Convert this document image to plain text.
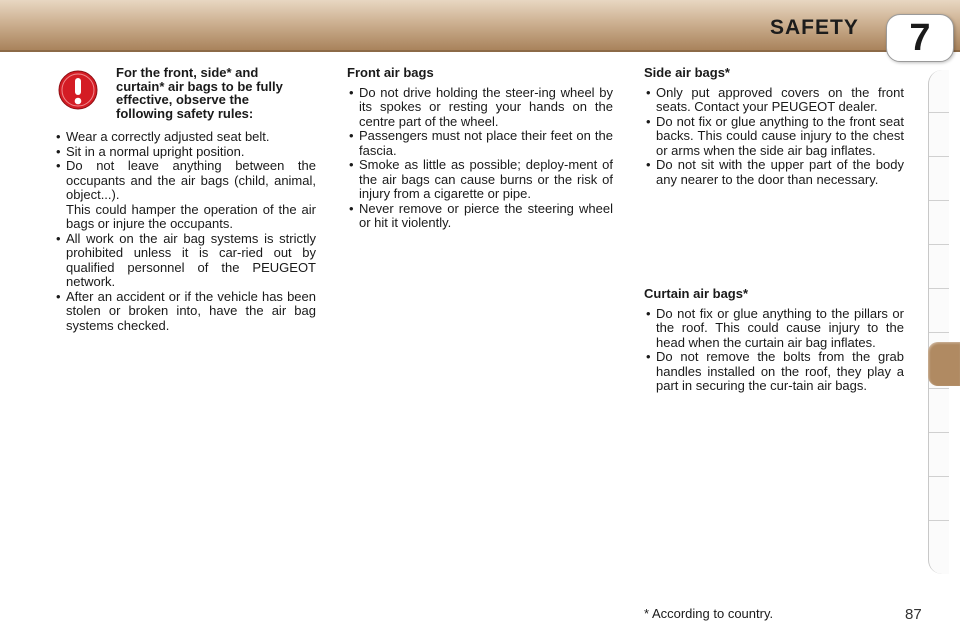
SAFETY	7
For the front, side* and curtain* air bags to be fully effective, observe the following safety rules:
• Wear a correctly adjusted seat belt.
• Sit in a normal upright position.
• Do not leave anything between the occupants and the air bags (child, animal, object...).
This could hamper the operation of the air bags or injure the occupants.
• All work on the air bag systems is strictly prohibited unless it is car-ried out by qualified personnel of the PEUGEOT network.
• After an accident or if the vehicle has been stolen or broken into, have the air bag systems checked.
Front air bags
• Do not drive holding the steer-ing wheel by its spokes or resting your hands on the centre part of the wheel.
• Passengers must not place their feet on the fascia.
• Smoke as little as possible; deploy-ment of the air bags can cause burns or the risk of injury from a cigarette or pipe.
• Never remove or pierce the steering wheel or hit it violently.
Side air bags*
• Only put approved covers on the front seats. Contact your PEUGEOT dealer.
• Do not fix or glue anything to the front seat backs. This could cause injury to the chest or arms when the side air bag inflates.
• Do not sit with the upper part of the body any nearer to the door than necessary.
Curtain air bags*
• Do not fix or glue anything to the pillars or the roof. This could cause injury to the head when the curtain air bag inflates.
• Do not remove the bolts from the grab handles installed on the roof, they play a part in securing the cur-tain air bags.
* According to country.	87
